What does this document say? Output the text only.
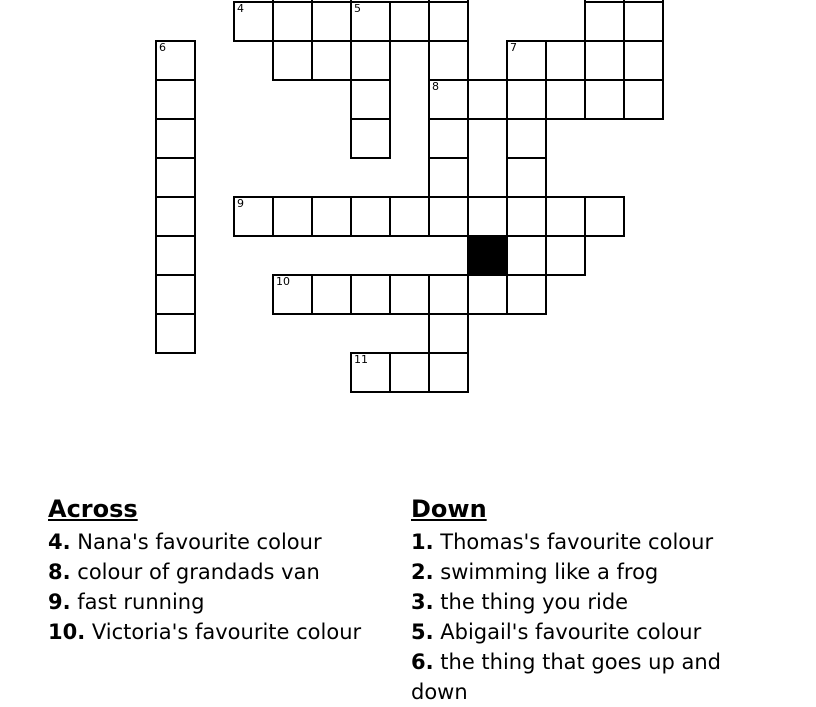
4	5
6	7
8
9
10
11
Across
4. Nana's favourite colour
8. colour of grandads van
9. fast running
10. Victoria's favourite colour
Down
1. Thomas's favourite colour
2. swimming like a frog
3. the thing you ride
5. Abigail's favourite colour
6. the thing that goes up and down
